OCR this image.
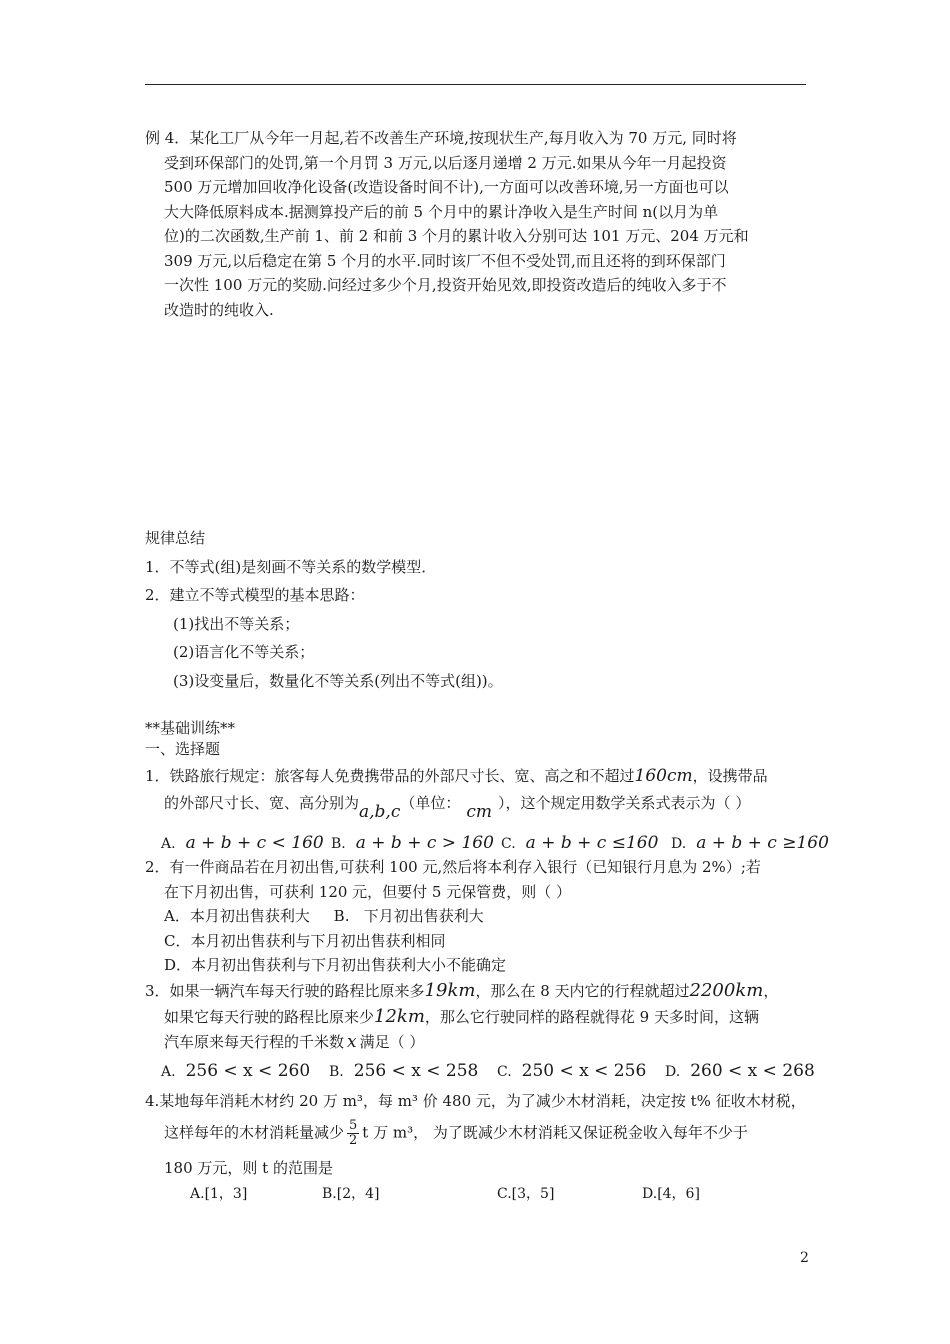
例 4．某化工厂从今年一月起,若不改善生产环境,按现状生产,每月收入为 70 万元, 同时将
受到环保部门的处罚,第一个月罚 3 万元,以后逐月递增 2 万元.如果从今年一月起投资
500 万元增加回收净化设备(改造设备时间不计),一方面可以改善环境,另一方面也可以
大大降低原料成本.据测算投产后的前 5 个月中的累计净收入是生产时间 n(以月为单
位)的二次函数,生产前 1、前 2 和前 3 个月的累计收入分别可达 101 万元、204 万元和
309 万元,以后稳定在第 5 个月的水平.同时该厂不但不受处罚,而且还将的到环保部门
一次性 100 万元的奖励.问经过多少个月,投资开始见效,即投资改造后的纯收入多于不
改造时的纯收入.
规律总结
1．不等式(组)是刻画不等关系的数学模型．
2．建立不等式模型的基本思路：
(1)找出不等关系；
(2)语言化不等关系；
(3)设变量后，数量化不等关系(列出不等式(组))。
**基础训练**
一、选择题
1．铁路旅行规定：旅客每人免费携带品的外部尺寸长、宽、高之和不超过160cm，设携带品
的外部尺寸长、宽、高分别为a,b,c（单位： cm ），这个规定用数学关系式表示为（ ）
A. a + b + c < 160 B. a + b + c > 160 C. a + b + c ≤160 D. a + b + c ≥160
2．有一件商品若在月初出售,可获利 100 元,然后将本利存入银行（已知银行月息为 2%）;若
在下月初出售，可获利 120 元，但要付 5 元保管费，则（ ）
A．本月初出售获利大     B.   下月初出售获利大
C．本月初出售获利与下月初出售获利相同
D．本月初出售获利与下月初出售获利大小不能确定
3．如果一辆汽车每天行驶的路程比原来多19km，那么在 8 天内它的行程就超过2200km，
如果它每天行驶的路程比原来少12km，那么它行驶同样的路程就得花 9 天多时间，这辆
汽车原来每天行程的千米数 x 满足（ ）
A. 256 < x < 260	B. 256 < x < 258	C. 250 < x < 256	D. 260 < x < 268
4.某地每年消耗木材约 20 万 m³，每 m³ 价 480 元，为了减少木材消耗，决定按 t% 征收木材税，
这样每年的木材消耗量减少 $\frac{5}{2}$ t 万 m³， 为了既减少木材消耗又保证税金收入每年不少于
180 万元，则 t 的范围是
A.[1，3]	B.[2，4]	C.[3，5]	D.[4，6]
2
